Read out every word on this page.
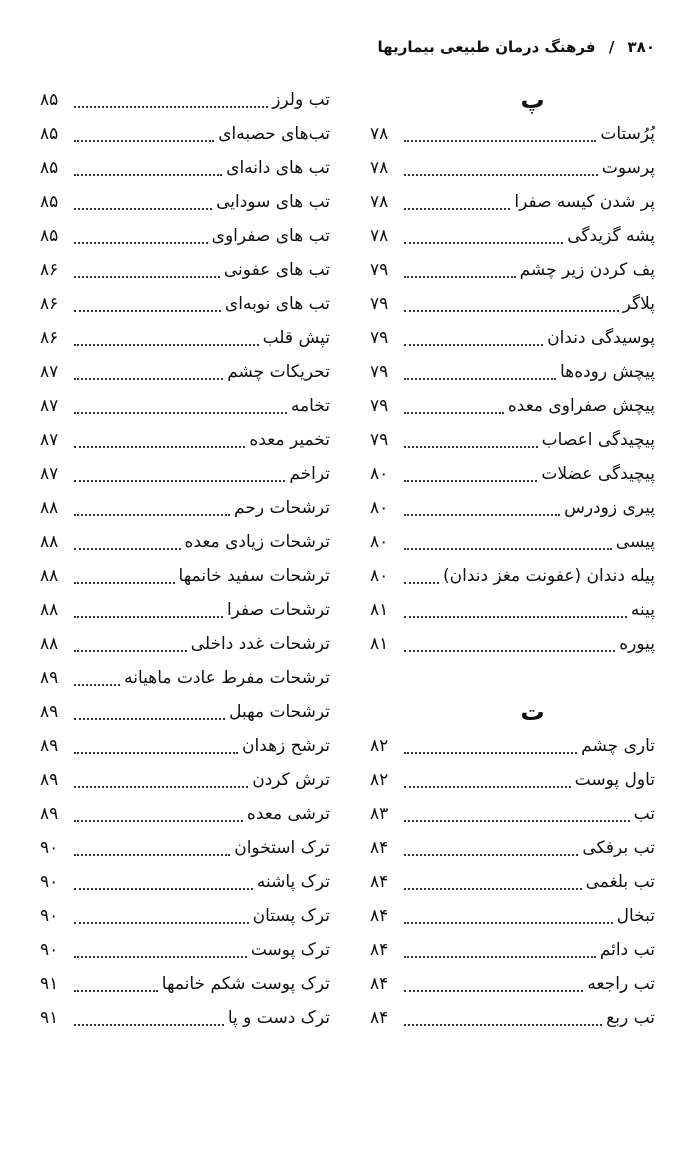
۳۸۰ / فرهنگ درمان طبیعی بیماریها
پ
پُرُستات
۷۸
پرسوت
۷۸
پر شدن کیسه صفرا
۷۸
پشه گزیدگی
۷۸
پف کردن زیر چشم
۷۹
پلاگر
۷۹
پوسیدگی دندان
۷۹
پیچش روده‌ها
۷۹
پیچش صفراوی معده
۷۹
پیچیدگی اعصاب
۷۹
پیچیدگی عضلات
۸۰
پیری زودرس
۸۰
پیسی
۸۰
پیله دندان (عفونت مغز دندان)
۸۰
پینه
۸۱
پیوره
۸۱
ت
تاری چشم
۸۲
تاول پوست
۸۲
تب
۸۳
تب برفکی
۸۴
تب بلغمی
۸۴
تبخال
۸۴
تب دائم
۸۴
تب راجعه
۸۴
تب ربع
۸۴
تب ولرز
۸۵
تب‌های حصبه‌ای
۸۵
تب های دانه‌ای
۸۵
تب های سودایی
۸۵
تب های صفراوی
۸۵
تب های عفونی
۸۶
تب های نوبه‌ای
۸۶
تپش قلب
۸۶
تحریکات چشم
۸۷
تخامه
۸۷
تخمیر معده
۸۷
تراخم
۸۷
ترشحات رحم
۸۸
ترشحات زیادی معده
۸۸
ترشحات سفید خانمها
۸۸
ترشحات صفرا
۸۸
ترشحات غدد داخلی
۸۸
ترشحات مفرط عادت ماهیانه
۸۹
ترشحات مهبل
۸۹
ترشح زهدان
۸۹
ترش کردن
۸۹
ترشی معده
۸۹
ترک استخوان
۹۰
ترک پاشنه
۹۰
ترک پستان
۹۰
ترک پوست
۹۰
ترک پوست شکم خانمها
۹۱
ترک دست و پا
۹۱
